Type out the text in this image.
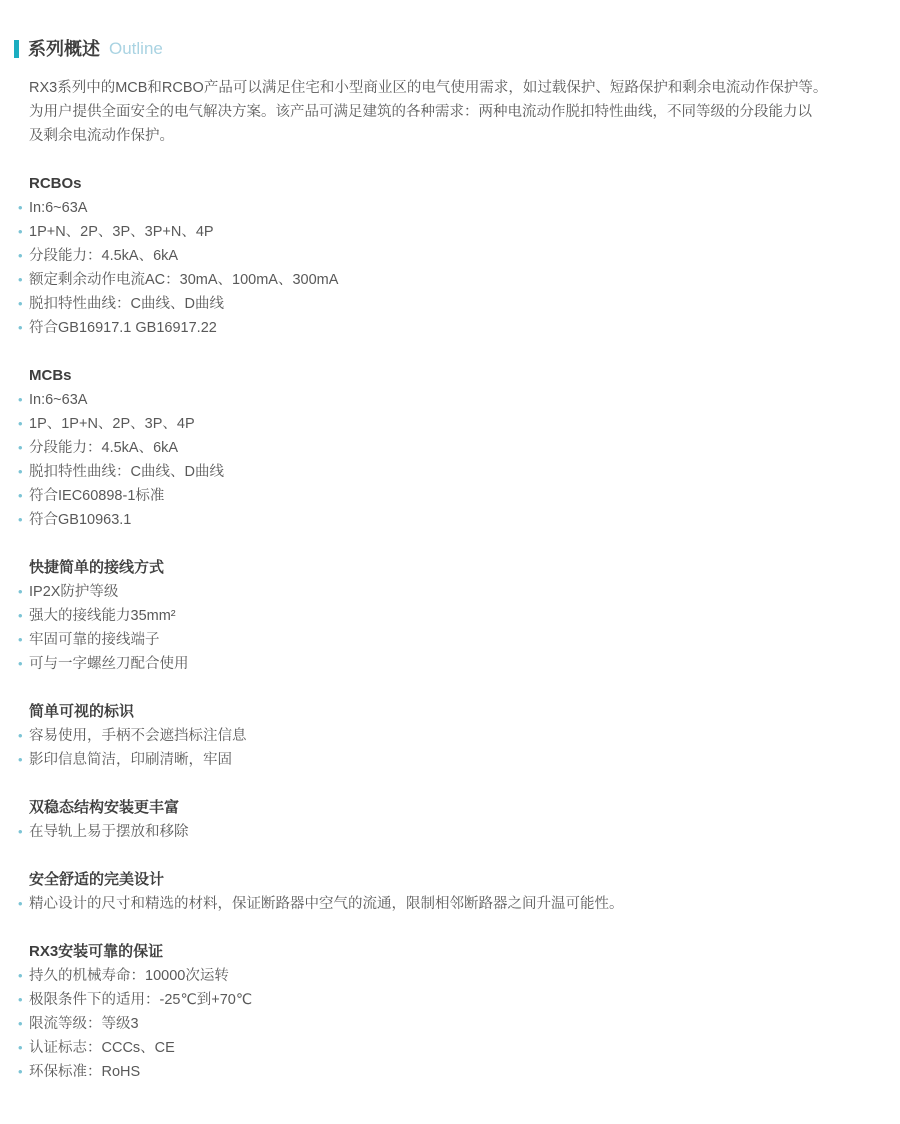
系列概述 Outline
RX3系列中的MCB和RCBO产品可以满足住宅和小型商业区的电气使用需求，如过载保护、短路保护和剩余电流动作保护等。
为用户提供全面安全的电气解决方案。该产品可满足建筑的各种需求：两种电流动作脱扣特性曲线，不同等级的分段能力以
及剩余电流动作保护。
RCBOs
• In:6~63A
• 1P+N、2P、3P、3P+N、4P
• 分段能力：4.5kA、6kA
• 额定剩余动作电流AC：30mA、100mA、300mA
• 脱扣特性曲线：C曲线、D曲线
• 符合GB16917.1 GB16917.22
MCBs
• In:6~63A
• 1P、1P+N、2P、3P、4P
• 分段能力：4.5kA、6kA
• 脱扣特性曲线：C曲线、D曲线
• 符合IEC60898-1标准
• 符合GB10963.1
快捷简单的接线方式
• IP2X防护等级
• 强大的接线能力35mm²
• 牢固可靠的接线端子
• 可与一字螺丝刀配合使用
简单可视的标识
• 容易使用，手柄不会遮挡标注信息
• 影印信息简洁，印刷清晰，牢固
双稳态结构安装更丰富
• 在导轨上易于摆放和移除
安全舒适的完美设计
• 精心设计的尺寸和精选的材料，保证断路器中空气的流通，限制相邻断路器之间升温可能性。
RX3安装可靠的保证
• 持久的机械寿命：10000次运转
• 极限条件下的适用：-25℃到+70℃
• 限流等级：等级3
• 认证标志：CCCs、CE
• 环保标准：RoHS
